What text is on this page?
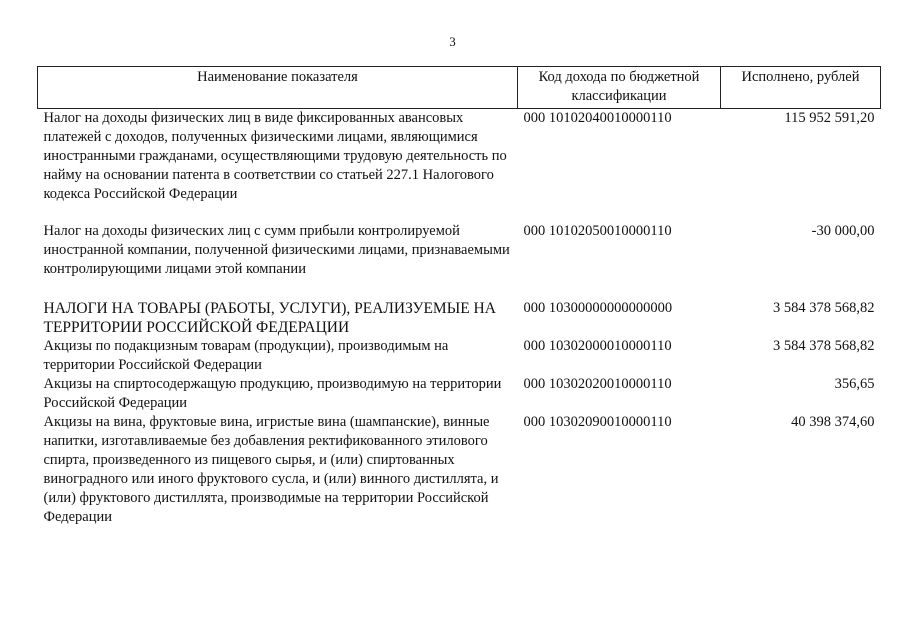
3
Наименование показателя	Код дохода по бюджетной классификации	Исполнено, рублей
Налог на доходы физических лиц в виде фиксированных авансовых платежей с доходов, полученных физическими лицами, являющимися иностранными гражданами, осуществляющими трудовую деятельность по найму на основании патента в соответствии со статьей 227.1 Налогового кодекса Российской Федерации	000 10102040010000110	115 952 591,20

Налог на доходы физических лиц с сумм прибыли контролируемой иностранной компании, полученной физическими лицами, признаваемыми контролирующими лицами этой компании	000 10102050010000110	-30 000,00

НАЛОГИ НА ТОВАРЫ (РАБОТЫ, УСЛУГИ), РЕАЛИЗУЕМЫЕ НА ТЕРРИТОРИИ РОССИЙСКОЙ ФЕДЕРАЦИИ	000 10300000000000000	3 584 378 568,82
Акцизы по подакцизным товарам (продукции), производимым на территории Российской Федерации	000 10302000010000110	3 584 378 568,82
Акцизы на спиртосодержащую продукцию, производимую на территории Российской Федерации	000 10302020010000110	356,65
Акцизы на вина, фруктовые вина, игристые вина (шампанские), винные напитки, изготавливаемые без добавления ректификованного этилового спирта, произведенного из пищевого сырья, и (или) спиртованных виноградного или иного фруктового сусла, и (или) винного дистиллята, и (или) фруктового дистиллята, производимые на территории Российской Федерации	000 10302090010000110	40 398 374,60
